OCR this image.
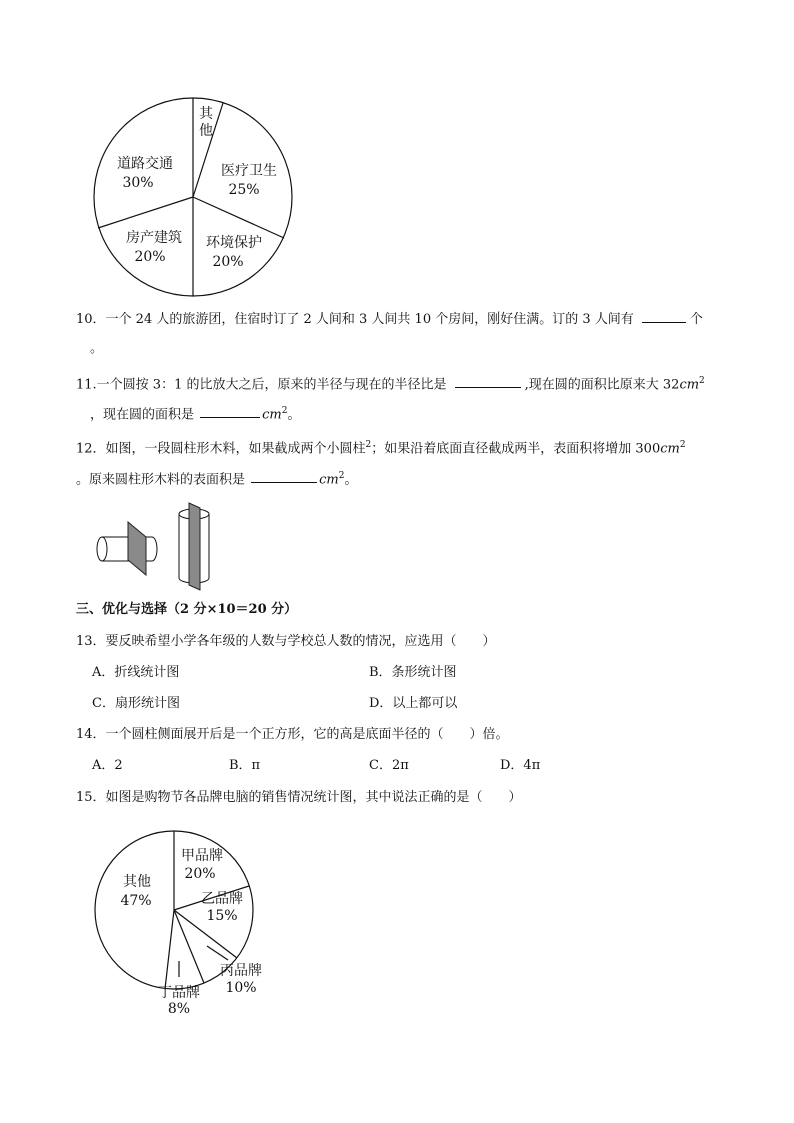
其
他
医疗卫生
25%
环境保护
20%
房产建筑
20%
道路交通
30%
10．一个 24 人的旅游团，住宿时订了 2 人间和 3 人间共 10 个房间，刚好住满。订的 3 人间有	个
。
11.一个圆按 3：1 的比放大之后，原来的半径与现在的半径比是	,现在圆的面积比原来大 $32cm^2$
，现在圆的面积是	$cm^2$。
12．如图，一段圆柱形木料，如果截成两个小圆柱$^2$；如果沿着底面直径截成两半，表面积将增加 $300cm^2$
。原来圆柱形木料的表面积是	$cm^2$。
三、优化与选择（2 分×10＝20 分）
13．要反映希望小学各年级的人数与学校总人数的情况，应选用（　　）
A．折线统计图	B．条形统计图
C．扇形统计图	D．以上都可以
14．一个圆柱侧面展开后是一个正方形，它的高是底面半径的（　　）倍。
A．2	B．π	C．2π	D．4π
15．如图是购物节各品牌电脑的销售情况统计图，其中说法正确的是（　　）
甲品牌
20%
乙品牌
15%
丙品牌
10%
丁品牌
8%
其他
47%
